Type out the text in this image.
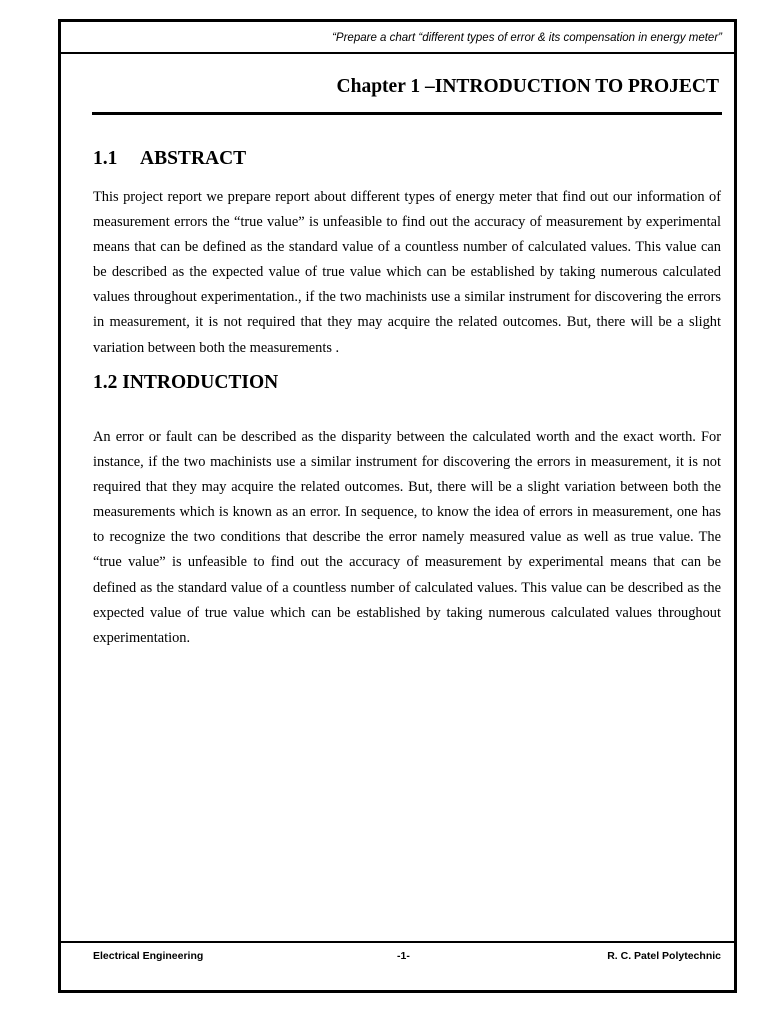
“Prepare a chart “different types of error & its compensation in energy meter”
Chapter 1 –INTRODUCTION TO PROJECT
1.1 ABSTRACT

This project report we prepare report about different types of energy meter that find out our information of measurement errors the “true value” is unfeasible to find out the accuracy of measurement by experimental means that can be defined as the standard value of a countless number of calculated values. This value can be described as the expected value of true value which can be established by taking numerous calculated values throughout experimentation., if the two machinists use a similar instrument for discovering the errors in measurement, it is not required that they may acquire the related outcomes. But, there will be a slight variation between both the measurements .

1.2 INTRODUCTION

An error or fault can be described as the disparity between the calculated worth and the exact worth. For instance, if the two machinists use a similar instrument for discovering the errors in measurement, it is not required that they may acquire the related outcomes. But, there will be a slight variation between both the measurements which is known as an error. In sequence, to know the idea of errors in measurement, one has to recognize the two conditions that describe the error namely measured value as well as true value. The “true value” is unfeasible to find out the accuracy of measurement by experimental means that can be defined as the standard value of a countless number of calculated values. This value can be described as the expected value of true value which can be established by taking numerous calculated values throughout experimentation.

Electrical Engineering	-1-	R. C. Patel Polytechnic
